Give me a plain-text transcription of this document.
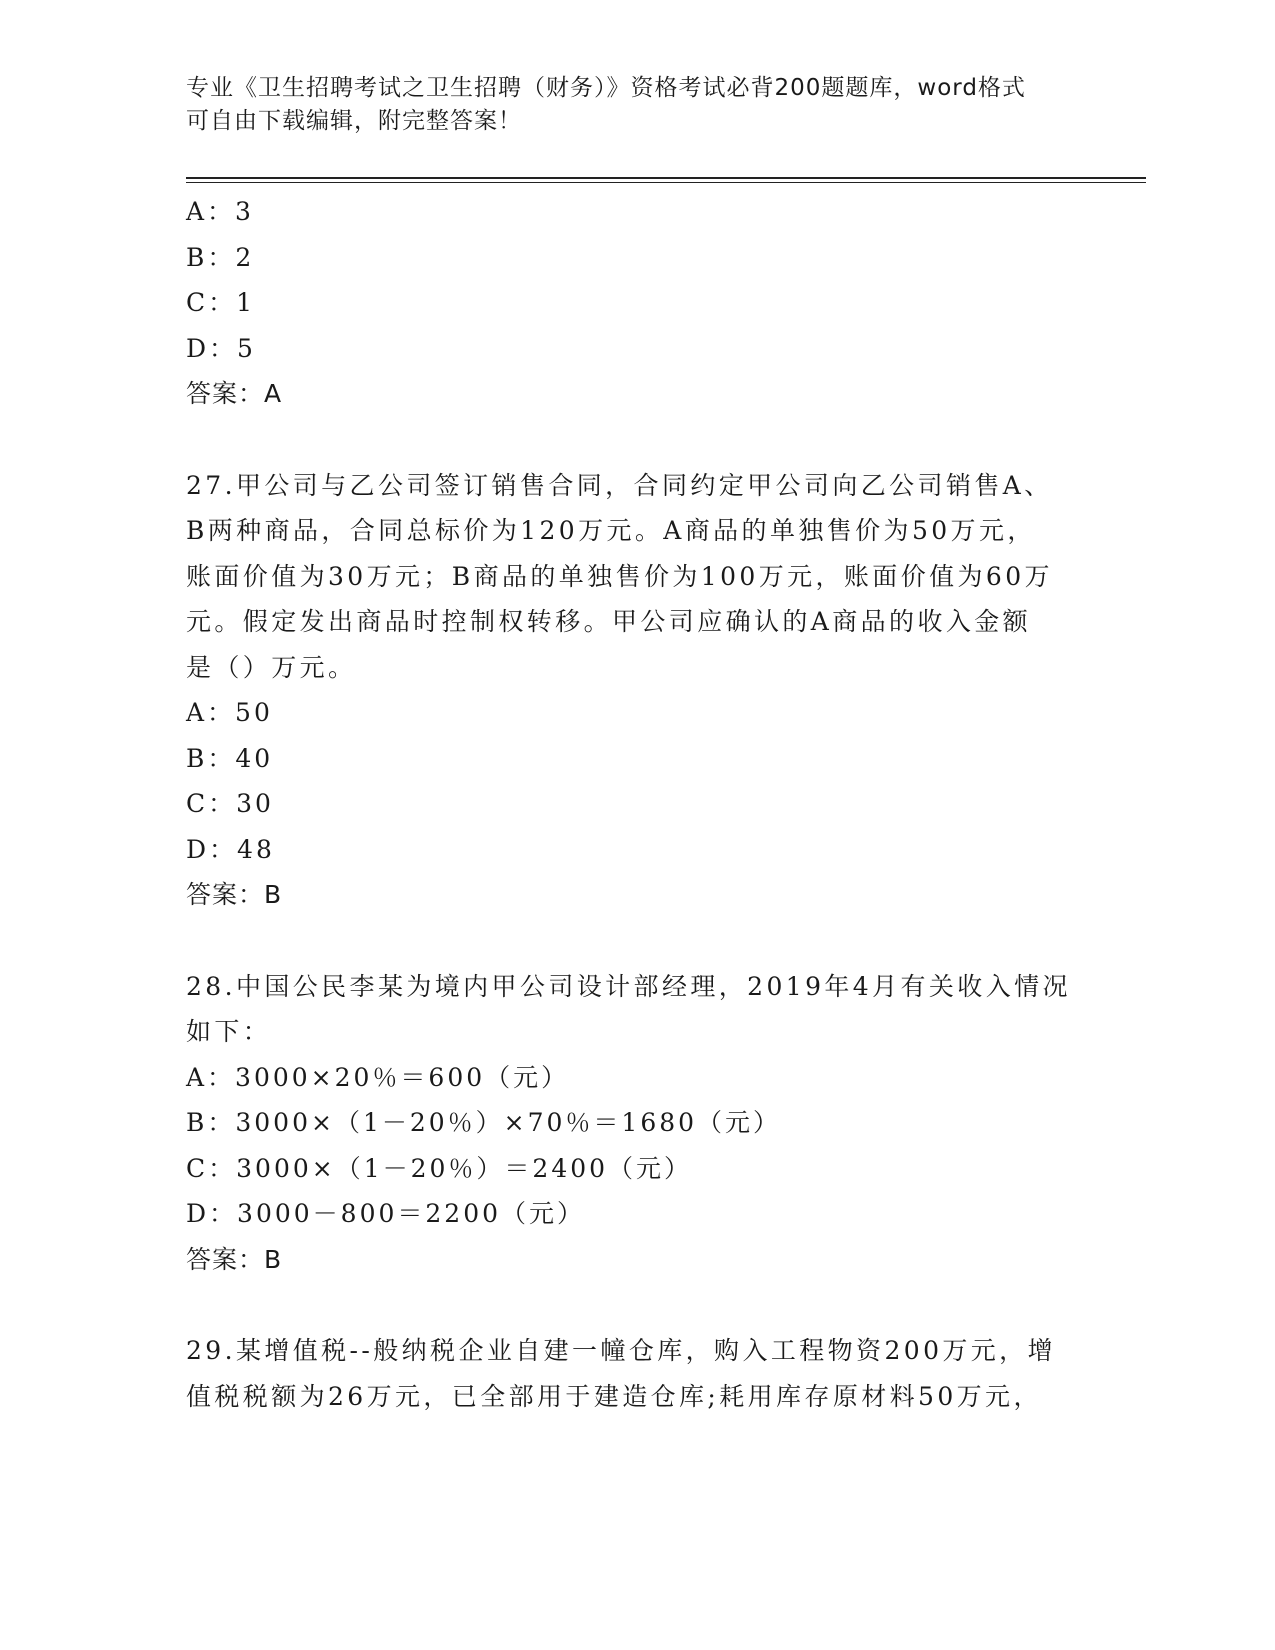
专业《卫生招聘考试之卫生招聘（财务）》资格考试必背200题题库，word格式
可自由下载编辑，附完整答案！
A：3
B：2
C：1
D：5
答案：A
27.甲公司与乙公司签订销售合同，合同约定甲公司向乙公司销售A、
B两种商品，合同总标价为120万元。A商品的单独售价为50万元，
账面价值为30万元；B商品的单独售价为100万元，账面价值为60万
元。假定发出商品时控制权转移。甲公司应确认的A商品的收入金额
是（）万元。
A：50
B：40
C：30
D：48
答案：B
28.中国公民李某为境内甲公司设计部经理，2019年4月有关收入情况
如下：
A：3000×20％＝600（元）
B：3000×（1－20％）×70％＝1680（元）
C：3000×（1－20％）＝2400（元）
D：3000－800＝2200（元）
答案：B
29.某增值税--般纳税企业自建一幢仓库，购入工程物资200万元，增
值税税额为26万元，已全部用于建造仓库;耗用库存原材料50万元，
